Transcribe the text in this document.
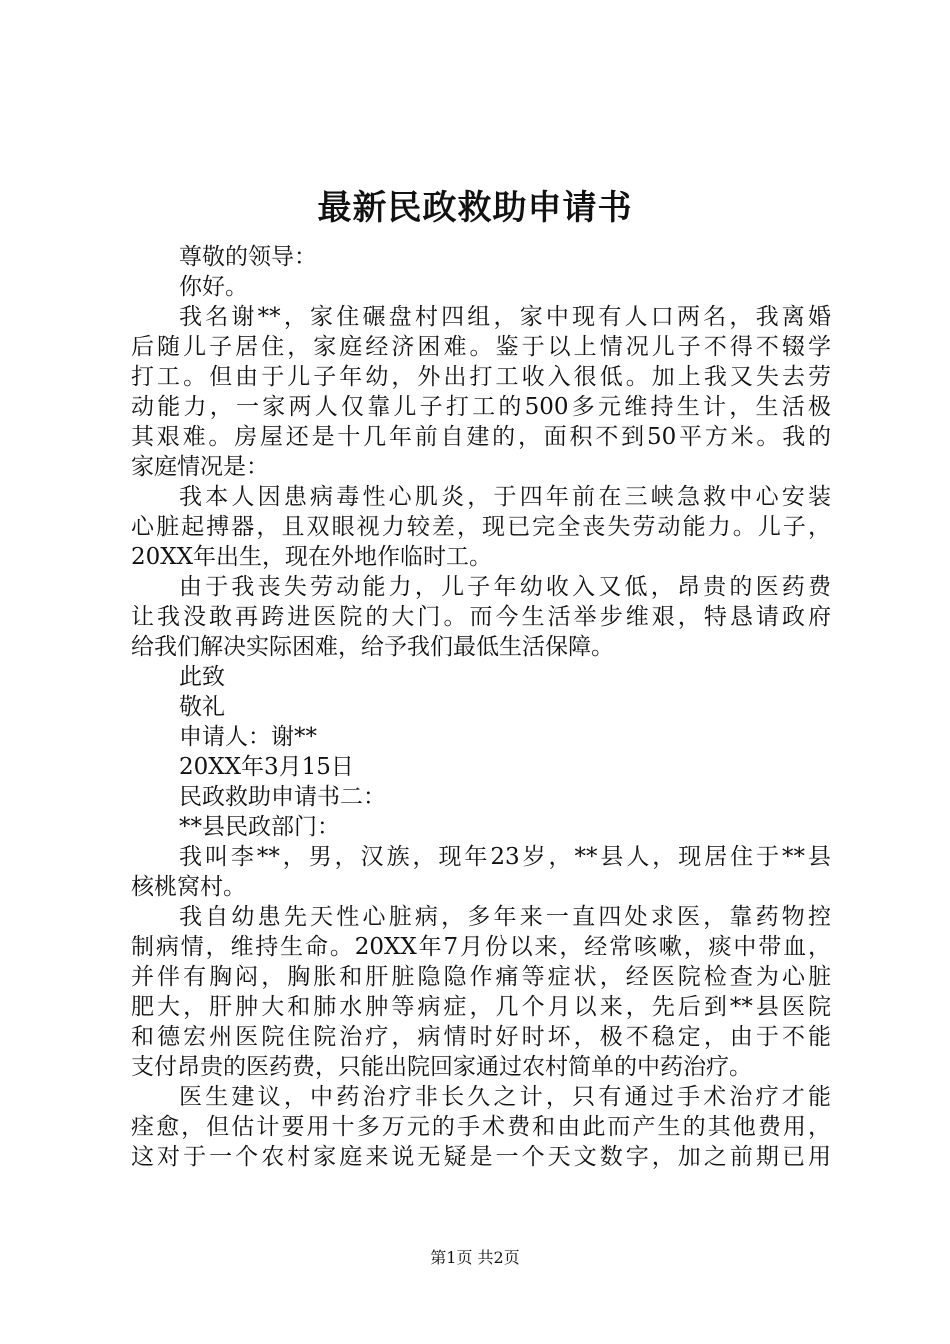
最新民政救助申请书
尊敬的领导：
你好。
我名谢**，家住碾盘村四组，家中现有人口两名，我离婚
后随儿子居住，家庭经济困难。鉴于以上情况儿子不得不辍学
打工。但由于儿子年幼，外出打工收入很低。加上我又失去劳
动能力，一家两人仅靠儿子打工的500多元维持生计，生活极
其艰难。房屋还是十几年前自建的，面积不到50平方米。我的
家庭情况是：
我本人因患病毒性心肌炎，于四年前在三峡急救中心安装
心脏起搏器，且双眼视力较差，现已完全丧失劳动能力。儿子，
20XX年出生，现在外地作临时工。
由于我丧失劳动能力，儿子年幼收入又低，昂贵的医药费
让我没敢再跨进医院的大门。而今生活举步维艰，特恳请政府
给我们解决实际困难，给予我们最低生活保障。
此致
敬礼
申请人：谢**
20XX年3月15日
民政救助申请书二：
**县民政部门：
我叫李**，男，汉族，现年23岁，**县人，现居住于**县
核桃窝村。
我自幼患先天性心脏病，多年来一直四处求医，靠药物控
制病情，维持生命。20XX年7月份以来，经常咳嗽，痰中带血，
并伴有胸闷，胸胀和肝脏隐隐作痛等症状，经医院检查为心脏
肥大，肝肿大和肺水肿等病症，几个月以来，先后到**县医院
和德宏州医院住院治疗，病情时好时坏，极不稳定，由于不能
支付昂贵的医药费，只能出院回家通过农村简单的中药治疗。
医生建议，中药治疗非长久之计，只有通过手术治疗才能
痊愈，但估计要用十多万元的手术费和由此而产生的其他费用，
这对于一个农村家庭来说无疑是一个天文数字，加之前期已用
第1页 共2页
